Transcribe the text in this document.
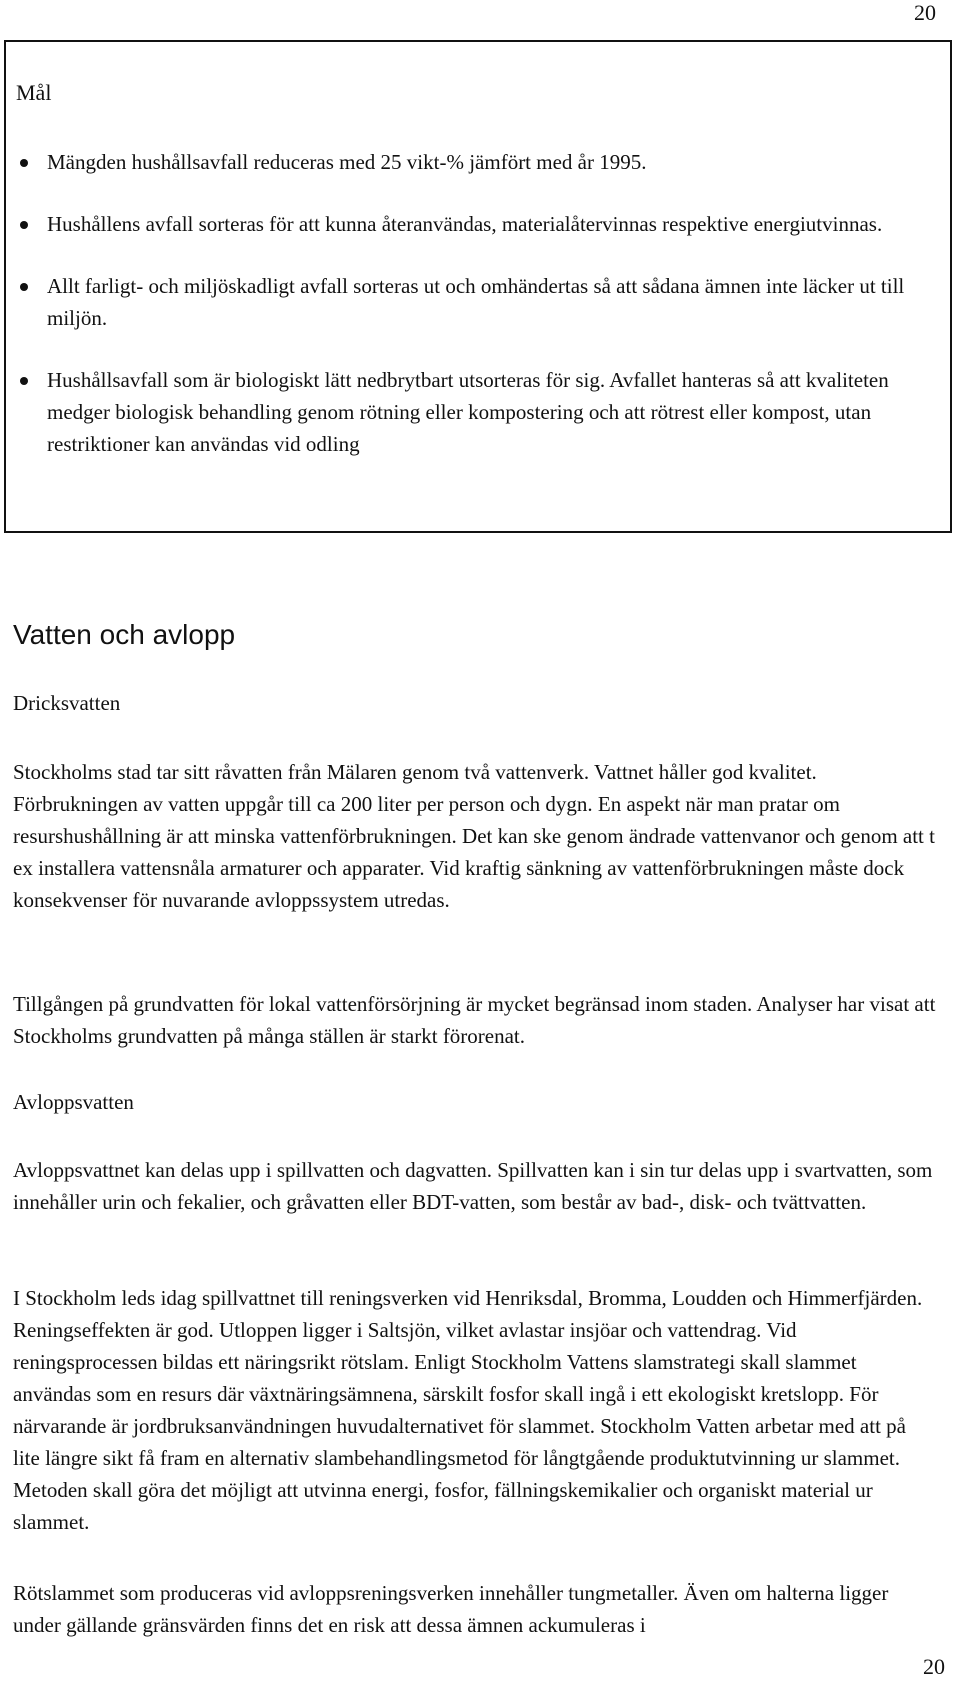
20
Mål
Mängden hushållsavfall reduceras med 25 vikt-% jämfört med år 1995.
Hushållens avfall sorteras för att kunna återanvändas, materialåtervinnas respektive energiutvinnas.
Allt farligt- och miljöskadligt avfall sorteras ut och omhändertas så att sådana ämnen inte läcker ut till miljön.
Hushållsavfall som är biologiskt lätt nedbrytbart utsorteras för sig. Avfallet hanteras så att kvaliteten medger biologisk behandling genom rötning eller kompostering och att rötrest eller kompost, utan restriktioner kan användas vid odling
Vatten och avlopp
Dricksvatten

Stockholms stad tar sitt råvatten från Mälaren genom två vattenverk. Vattnet håller god kvalitet. Förbrukningen av vatten uppgår till ca 200 liter per person och dygn. En aspekt när man pratar om resurshushållning är att minska vattenförbrukningen. Det kan ske genom ändrade vattenvanor och genom att t ex installera vattensnåla armaturer och apparater. Vid kraftig sänkning av vattenförbrukningen måste dock konsekvenser för nuvarande avloppssystem utredas.

Tillgången på grundvatten för lokal vattenförsörjning är mycket begränsad inom staden. Analyser har visat att Stockholms grundvatten på många ställen är starkt förorenat.

Avloppsvatten

Avloppsvattnet kan delas upp i spillvatten och dagvatten. Spillvatten kan i sin tur delas upp i svartvatten, som innehåller urin och fekalier, och gråvatten eller BDT-vatten, som består av bad-, disk- och tvättvatten.

I Stockholm leds idag spillvattnet till reningsverken vid Henriksdal, Bromma, Loudden och Himmerfjärden. Reningseffekten är god. Utloppen ligger i Saltsjön, vilket avlastar insjöar och vattendrag. Vid reningsprocessen bildas ett näringsrikt rötslam. Enligt Stockholm Vattens slamstrategi skall slammet användas som en resurs där växtnäringsämnena, särskilt fosfor skall ingå i ett ekologiskt kretslopp. För närvarande är jordbruksanvändningen huvudalternativet för slammet. Stockholm Vatten arbetar med att på lite längre sikt få fram en alternativ slambehandlingsmetod för långtgående produktutvinning ur slammet. Metoden skall göra det möjligt att utvinna energi, fosfor, fällningskemikalier och organiskt material ur slammet.

Rötslammet som produceras vid avloppsreningsverken innehåller tungmetaller. Även om halterna ligger under gällande gränsvärden finns det en risk att dessa ämnen ackumuleras i

20
